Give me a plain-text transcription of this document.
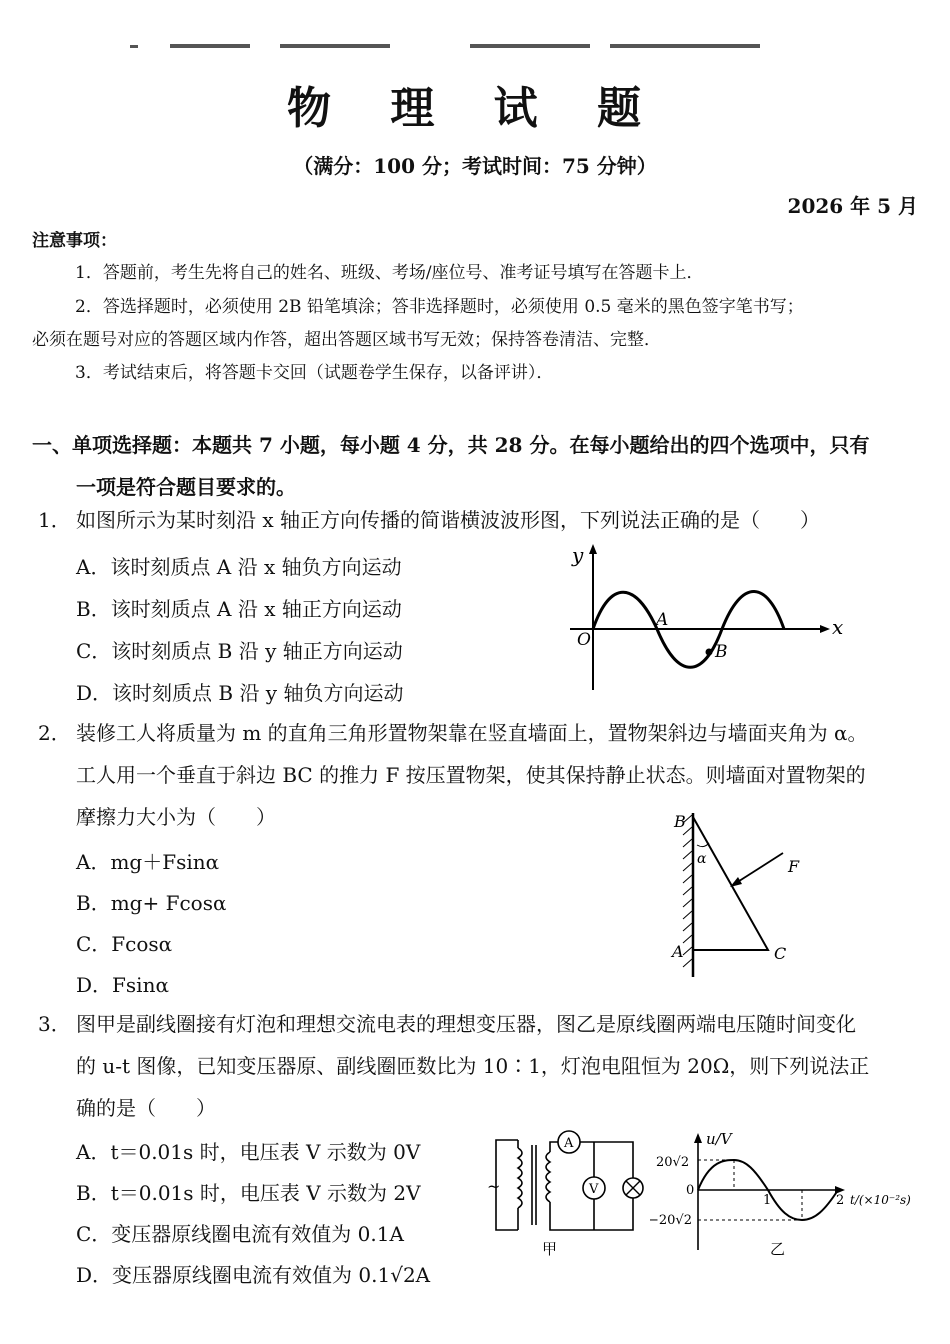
物 理 试 题
（满分：100 分；考试时间：75 分钟）
2026 年 5 月
注意事项：
1．答题前，考生先将自己的姓名、班级、考场/座位号、准考证号填写在答题卡上．
2．答选择题时，必须使用 2B 铅笔填涂；答非选择题时，必须使用 0.5 毫米的黑色签字笔书写；
必须在题号对应的答题区域内作答，超出答题区域书写无效；保持答卷清洁、完整．
3．考试结束后，将答题卡交回（试题卷学生保存，以备评讲）．
一、单项选择题：本题共 7 小题，每小题 4 分，共 28 分。在每小题给出的四个选项中，只有
一项是符合题目要求的。
1． 如图所示为某时刻沿 x 轴正方向传播的简谐横波波形图，下列说法正确的是（　　）
A．该时刻质点 A 沿 x 轴负方向运动
B．该时刻质点 A 沿 x 轴正方向运动
C．该时刻质点 B 沿 y 轴正方向运动
D．该时刻质点 B 沿 y 轴负方向运动
y
x
O
A
B
2． 装修工人将质量为 m 的直角三角形置物架靠在竖直墙面上，置物架斜边与墙面夹角为 α。
工人用一个垂直于斜边 BC 的推力 F 按压置物架，使其保持静止状态。则墙面对置物架的
摩擦力大小为（　　）
A．mg＋Fsinα
B．mg+ Fcosα
C．Fcosα
D．Fsinα
B
A	C
F
α
3． 图甲是副线圈接有灯泡和理想交流电表的理想变压器，图乙是原线圈两端电压随时间变化
的 u-t 图像，已知变压器原、副线圈匝数比为 10∶1，灯泡电阻恒为 20Ω，则下列说法正
确的是（　　）
A．t＝0.01s 时，电压表 V 示数为 0V
B．t＝0.01s 时，电压表 V 示数为 2V
C．变压器原线圈电流有效值为 0.1A
D．变压器原线圈电流有效值为 0.1√2A
~
A
V
甲
u/V
20√2
−20√2
0
1	2 t/(×10⁻²s)
乙
